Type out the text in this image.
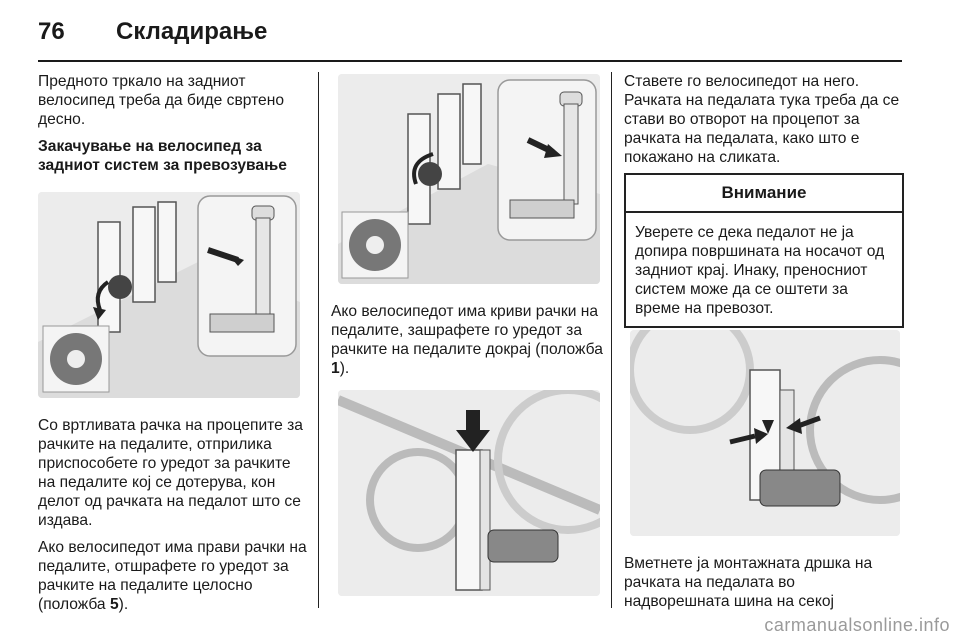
76 Складирање

Предното тркало на задниот велосипед треба да биде свртено десно.

Закачување на велосипед за задниот систем за превозување

Со вртливата рачка на процепите за рачките на педалите, отприлика приспособете го уредот за рачките на педалите кој се дотерува, кон делот од рачката на педалот што се издава.

Ако велосипедот има прави рачки на педалите, отшрафете го уредот за рачките на педалите целосно (положба 5).

Ако велосипедот има криви рачки на педалите, зашрафете го уредот за рачките на педалите докрај (положба 1).

Ставете го велосипедот на него. Рачката на педалата тука треба да се стави во отворот на процепот за рачката на педалата, како што е покажано на сликата.

Внимание
Уверете се дека педалот не ја допира површината на носачот од задниот крај. Инаку, преносниот систем може да се оштети за време на превозот.

Вметнете ја монтажната дршка на рачката на педалата во надворешната шина на секој

carmanualsonline.info
